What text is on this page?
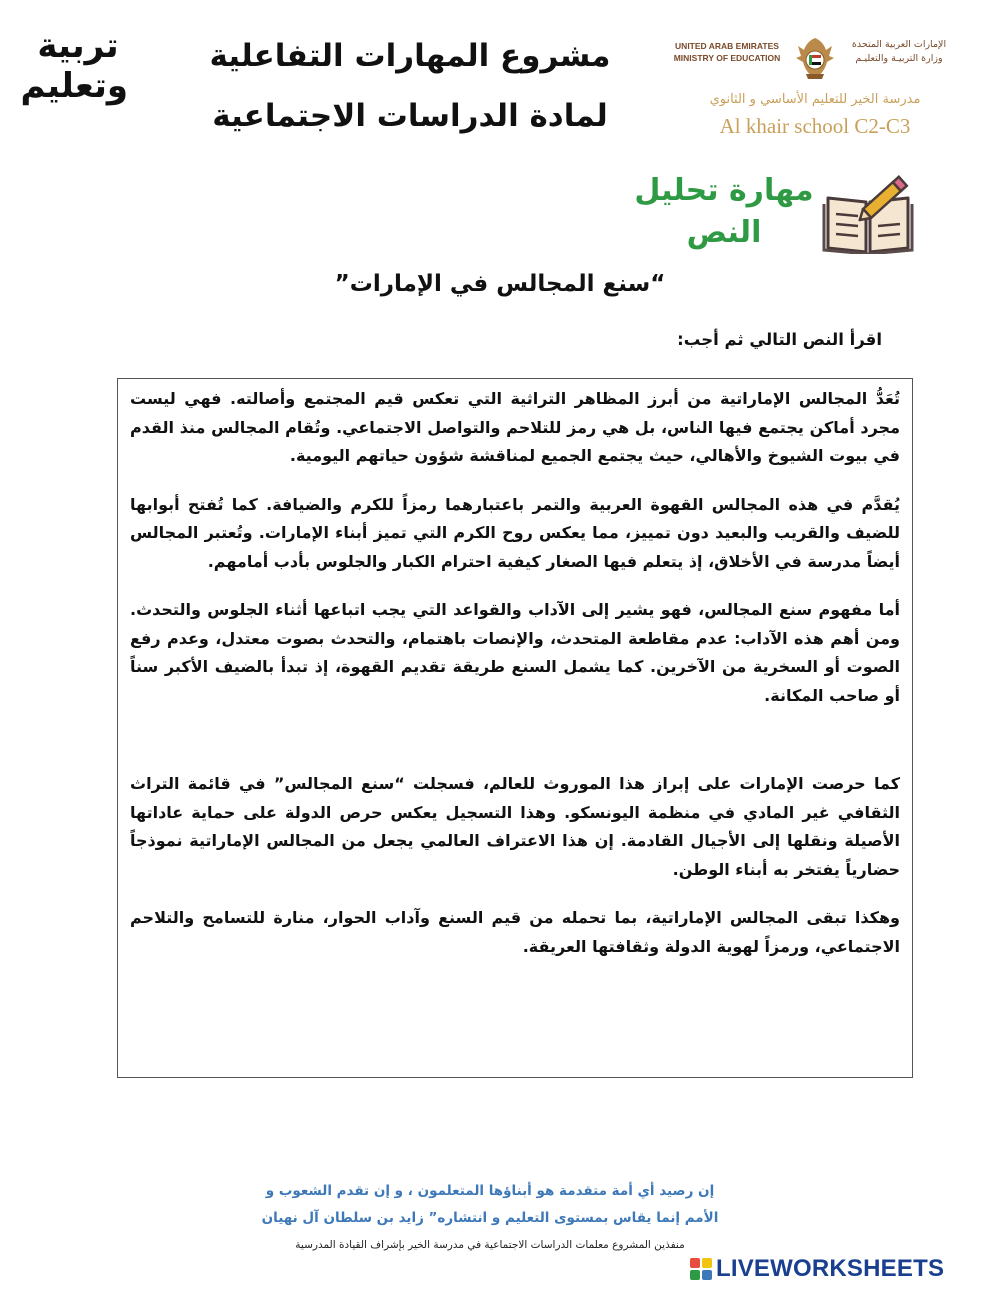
تربية
وتعليم
مشروع المهارات التفاعلية
لمادة الدراسات الاجتماعية
UNITED ARAB EMIRATES
MINISTRY OF EDUCATION
الإمارات العربية المتحدة
وزارة التربيـة والتعليـم
مدرسة الخير للتعليم الأساسي و الثانوي
Al khair school C2-C3
مهارة تحليل
النص
“سنع المجالس في الإمارات”
اقرأ النص التالي ثم أجب:

تُعَدُّ المجالس الإماراتية من أبرز المظاهر التراثية التي تعكس قيم المجتمع وأصالته. فهي ليست مجرد أماكن يجتمع فيها الناس، بل هي رمز للتلاحم والتواصل الاجتماعي. وتُقام المجالس منذ القدم في بيوت الشيوخ والأهالي، حيث يجتمع الجميع لمناقشة شؤون حياتهم اليومية.

يُقدَّم في هذه المجالس القهوة العربية والتمر باعتبارهما رمزاً للكرم والضيافة. كما تُفتح أبوابها للضيف والقريب والبعيد دون تمييز، مما يعكس روح الكرم التي تميز أبناء الإمارات. وتُعتبر المجالس أيضاً مدرسة في الأخلاق، إذ يتعلم فيها الصغار كيفية احترام الكبار والجلوس بأدب أمامهم.

أما مفهوم سنع المجالس، فهو يشير إلى الآداب والقواعد التي يجب اتباعها أثناء الجلوس والتحدث. ومن أهم هذه الآداب: عدم مقاطعة المتحدث، والإنصات باهتمام، والتحدث بصوت معتدل، وعدم رفع الصوت أو السخرية من الآخرين. كما يشمل السنع طريقة تقديم القهوة، إذ تبدأ بالضيف الأكبر سناً أو صاحب المكانة.

كما حرصت الإمارات على إبراز هذا الموروث للعالم، فسجلت “سنع المجالس” في قائمة التراث الثقافي غير المادي في منظمة اليونسكو. وهذا التسجيل يعكس حرص الدولة على حماية عاداتها الأصيلة ونقلها إلى الأجيال القادمة. إن هذا الاعتراف العالمي يجعل من المجالس الإماراتية نموذجاً حضارياً يفتخر به أبناء الوطن.

وهكذا تبقى المجالس الإماراتية، بما تحمله من قيم السنع وآداب الحوار، منارة للتسامح والتلاحم الاجتماعي، ورمزاً لهوية الدولة وثقافتها العريقة.

إن رصيد أي أمة متقدمة هو أبناؤها المتعلمون ، و إن تقدم الشعوب و
الأمم إنما يقاس بمستوى التعليم و انتشاره” زايد بن سلطان آل نهيان
منفذين المشروع معلمات الدراسات الاجتماعية في مدرسة الخير بإشراف القيادة المدرسية
LIVEWORKSHEETS
